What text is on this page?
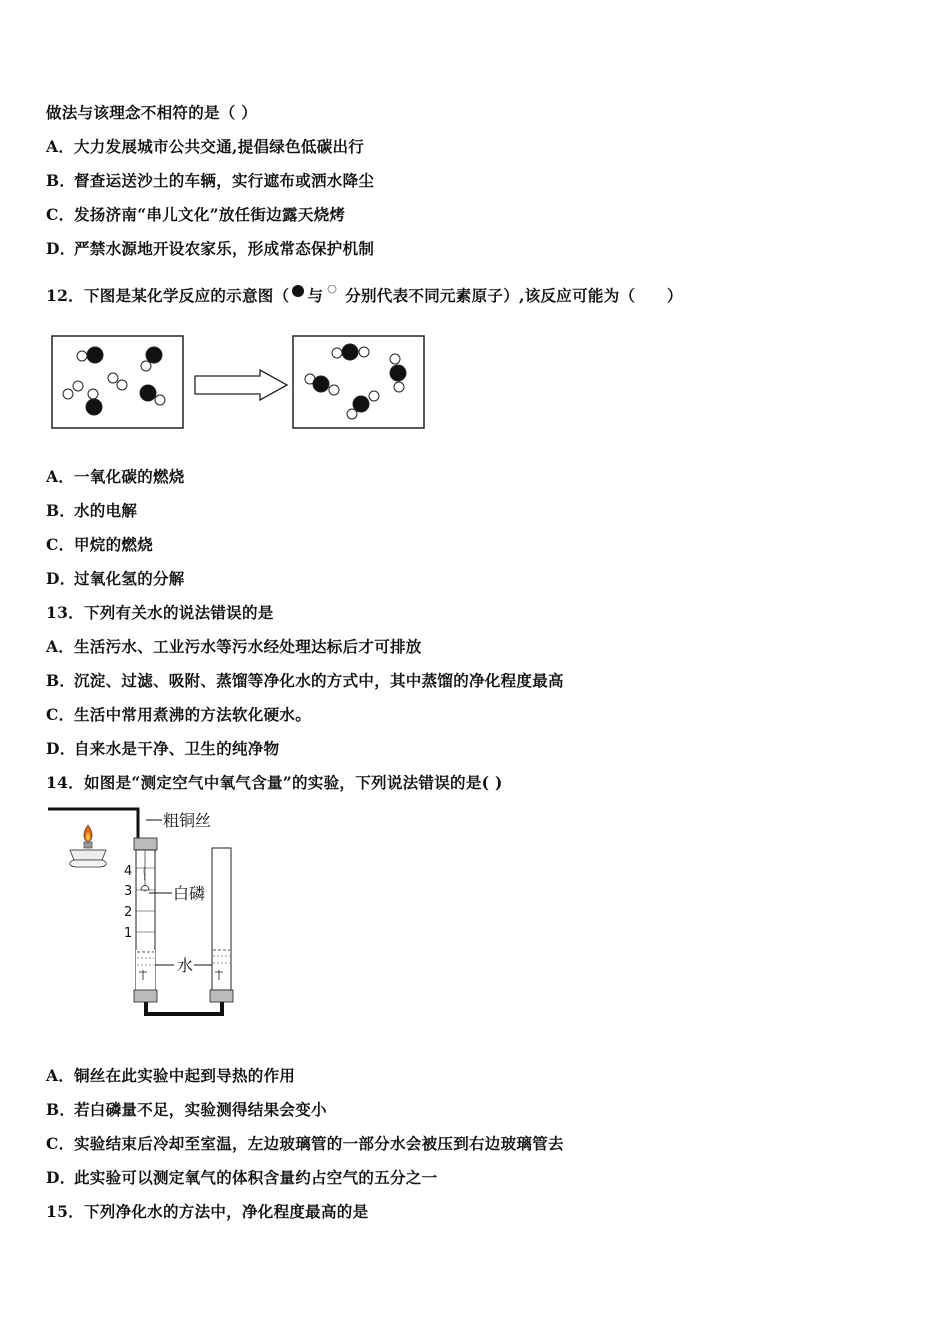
做法与该理念不相符的是（ ）
A．大力发展城市公共交通,提倡绿色低碳出行
B．督查运送沙土的车辆，实行遮布或洒水降尘
C．发扬济南“串儿文化”放任街边露天烧烤
D．严禁水源地开设农家乐，形成常态保护机制
12．下图是某化学反应的示意图（ 与 分别代表不同元素原子）,该反应可能为（　　）
A．一氧化碳的燃烧
B．水的电解
C．甲烷的燃烧
D．过氧化氢的分解
13．下列有关水的说法错误的是
A．生活污水、工业污水等污水经处理达标后才可排放
B．沉淀、过滤、吸附、蒸馏等净化水的方式中，其中蒸馏的净化程度最高
C．生活中常用煮沸的方法软化硬水。
D．自来水是干净、卫生的纯净物
14．如图是“测定空气中氧气含量”的实验，下列说法错误的是( )
粗铜丝
4
3
2
1
白磷
水
A．铜丝在此实验中起到导热的作用
B．若白磷量不足，实验测得结果会变小
C．实验结束后冷却至室温，左边玻璃管的一部分水会被压到右边玻璃管去
D．此实验可以测定氧气的体积含量约占空气的五分之一
15．下列净化水的方法中，净化程度最高的是
